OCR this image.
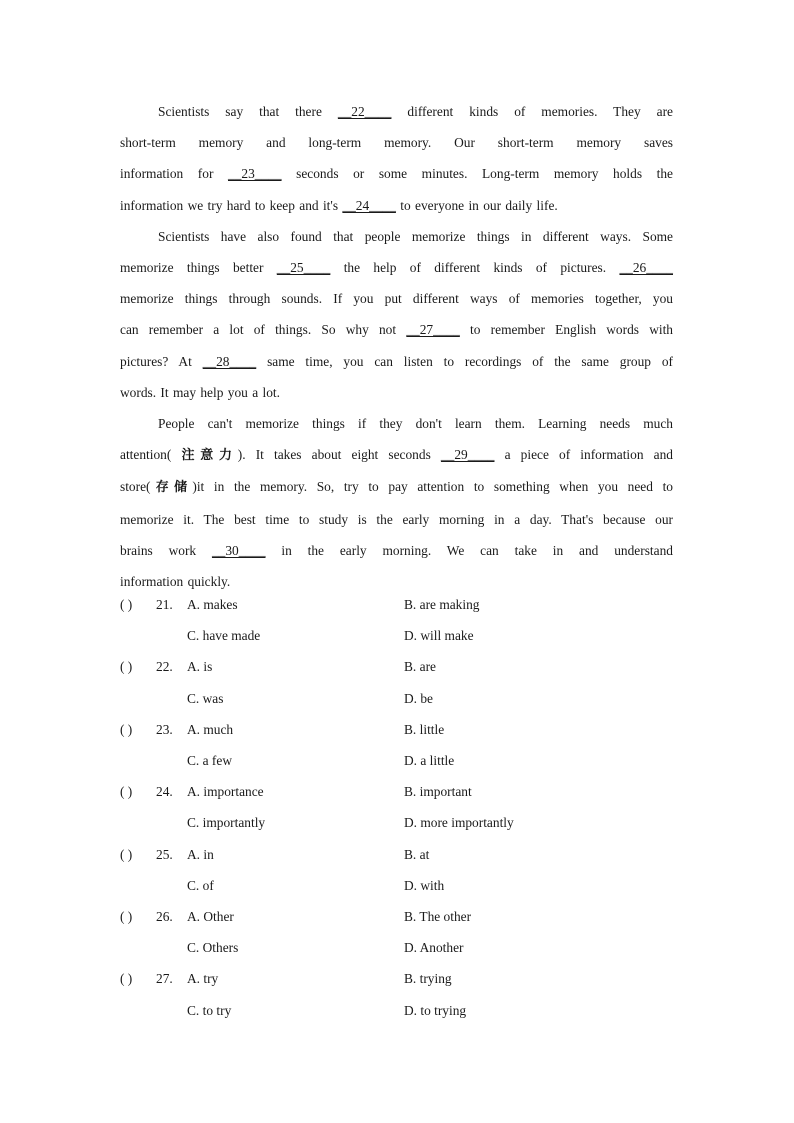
Scientists say that there __22____ different kinds of memories. They are
short-term memory and long-term memory. Our short-term memory saves
information for __23____ seconds or some minutes. Long-term memory holds the
information we try hard to keep and it's __24____ to everyone in our daily life.

Scientists have also found that people memorize things in different ways. Some
memorize things better __25____ the help of different kinds of pictures. __26____
memorize things through sounds. If you put different ways of memories together, you
can remember a lot of things. So why not __27____ to remember English words with
pictures? At __28____ same time, you can listen to recordings of the same group of
words. It may help you a lot.

People can't memorize things if they don't learn them. Learning needs much
attention( 注意力). It takes about eight seconds __29____ a piece of information and
store(存储)it in the memory. So, try to pay attention to something when you need to
memorize it. The best time to study is the early morning in a day. That's because our
brains work __30____ in the early morning. We can take in and understand
information quickly.

( ) 21. A. makes	B. are making
C. have made	D. will make
( ) 22. A. is	B. are
C. was	D. be
( ) 23. A. much	B. little
C. a few	D. a little
( ) 24. A. importance	B. important
C. importantly	D. more importantly
( ) 25. A. in	B. at
C. of	D. with
( ) 26. A. Other	B. The other
C. Others	D. Another
( ) 27. A. try	B. trying
C. to try	D. to trying
